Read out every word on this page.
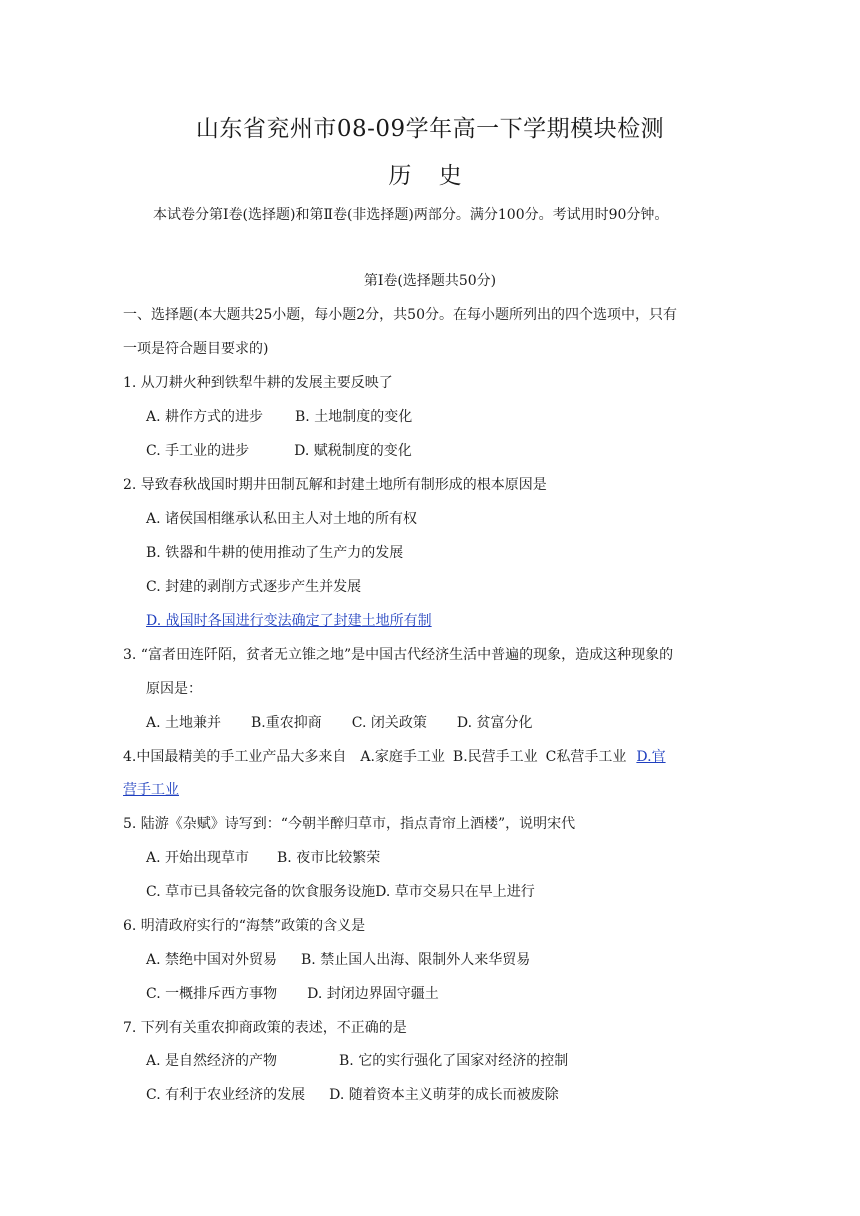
山东省兖州市08-09学年高一下学期模块检测
历 史
本试卷分第Ⅰ卷(选择题)和第Ⅱ卷(非选择题)两部分。满分100分。考试用时90分钟。
第Ⅰ卷(选择题共50分)
一、选择题(本大题共25小题，每小题2分，共50分。在每小题所列出的四个选项中，只有
一项是符合题目要求的)
1. 从刀耕火种到铁犁牛耕的发展主要反映了
A. 耕作方式的进步 B. 土地制度的变化
C. 手工业的进步	D. 赋税制度的变化
2. 导致春秋战国时期井田制瓦解和封建土地所有制形成的根本原因是
A. 诸侯国相继承认私田主人对土地的所有权
B. 铁器和牛耕的使用推动了生产力的发展
C. 封建的剥削方式逐步产生并发展
D. 战国时各国进行变法确定了封建土地所有制
3. “富者田连阡陌，贫者无立锥之地”是中国古代经济生活中普遍的现象，造成这种现象的
原因是：
A. 土地兼并 B.重农抑商 C. 闭关政策 D. 贫富分化
4.中国最精美的手工业产品大多来自 A.家庭手工业 B.民营手工业 C私营手工业 D.官
营手工业
5. 陆游《杂赋》诗写到：“今朝半醉归草市，指点青帘上酒楼”，说明宋代
A. 开始出现草市 B. 夜市比较繁荣
C. 草市已具备较完备的饮食服务设施D. 草市交易只在早上进行
6. 明清政府实行的“海禁”政策的含义是
A. 禁绝中国对外贸易 B. 禁止国人出海、限制外人来华贸易
C. 一概排斥西方事物 D. 封闭边界固守疆土
7. 下列有关重农抑商政策的表述，不正确的是
A. 是自然经济的产物	B. 它的实行强化了国家对经济的控制
C. 有利于农业经济的发展 D. 随着资本主义萌芽的成长而被废除
